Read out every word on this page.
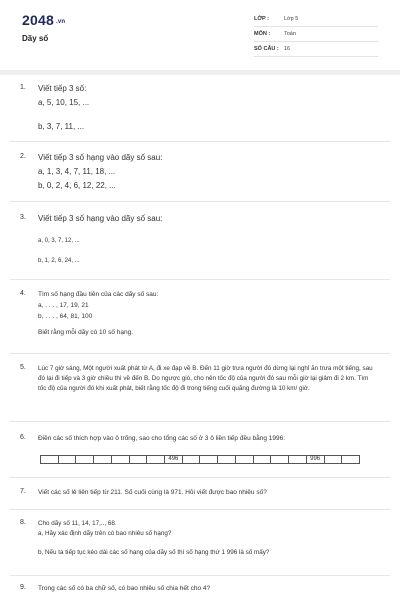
2048 .vn
Dãy số
LỚP :	Lớp 5
MÔN :	Toán
SỐ CÂU : 16
1.	Viết tiếp 3 số:
a, 5, 10, 15, ...
b, 3, 7, 11, ...
2.	Viết tiếp 3 số hạng vào dãy số sau:
a, 1, 3, 4, 7, 11, 18, ...
b, 0, 2, 4, 6, 12, 22, ...
3.	Viết tiếp 3 số hạng vào dãy số sau:
a, 0, 3, 7, 12, ...
b, 1, 2, 6, 24, ...
4.	Tìm số hạng đầu tiên của các dãy số sau:
a, . . . , 17, 19, 21
b, . . . , 64, 81, 100
Biết rằng mỗi dãy có 10 số hạng.
5.	Lúc 7 giờ sáng, Một người xuất phát từ A, đi xe đạp về B. Đến 11 giờ trưa người đó dừng lại nghỉ ăn trưa một tiếng, sau đó lại đi tiếp và 3 giờ chiều thì về đến B. Do ngược gió, cho nên tốc độ của người đó sau mỗi giờ lại giảm đi 2 km. Tìm tốc độ của người đó khi xuất phát, biết rằng tốc độ đi trong tiếng cuối quãng đường là 10 km/ giờ.
6.	Điền các số thích hợp vào ô trống, sao cho tổng các số ở 3 ô liền tiếp đều bằng 1996:
496	996
7.	Viết các số lẻ liên tiếp từ 211. Số cuối cùng là 971. Hỏi viết được bao nhiêu số?
8.	Cho dãy số 11, 14, 17,.., 68.
a, Hãy xác định dãy trên có bao nhiêu số hạng?
b, Nếu ta tiếp tục kéo dài các số hạng của dãy số thì số hạng thứ 1 996 là số mấy?
9.	Trong các số có ba chữ số, có bao nhiêu số chia hết cho 4?
